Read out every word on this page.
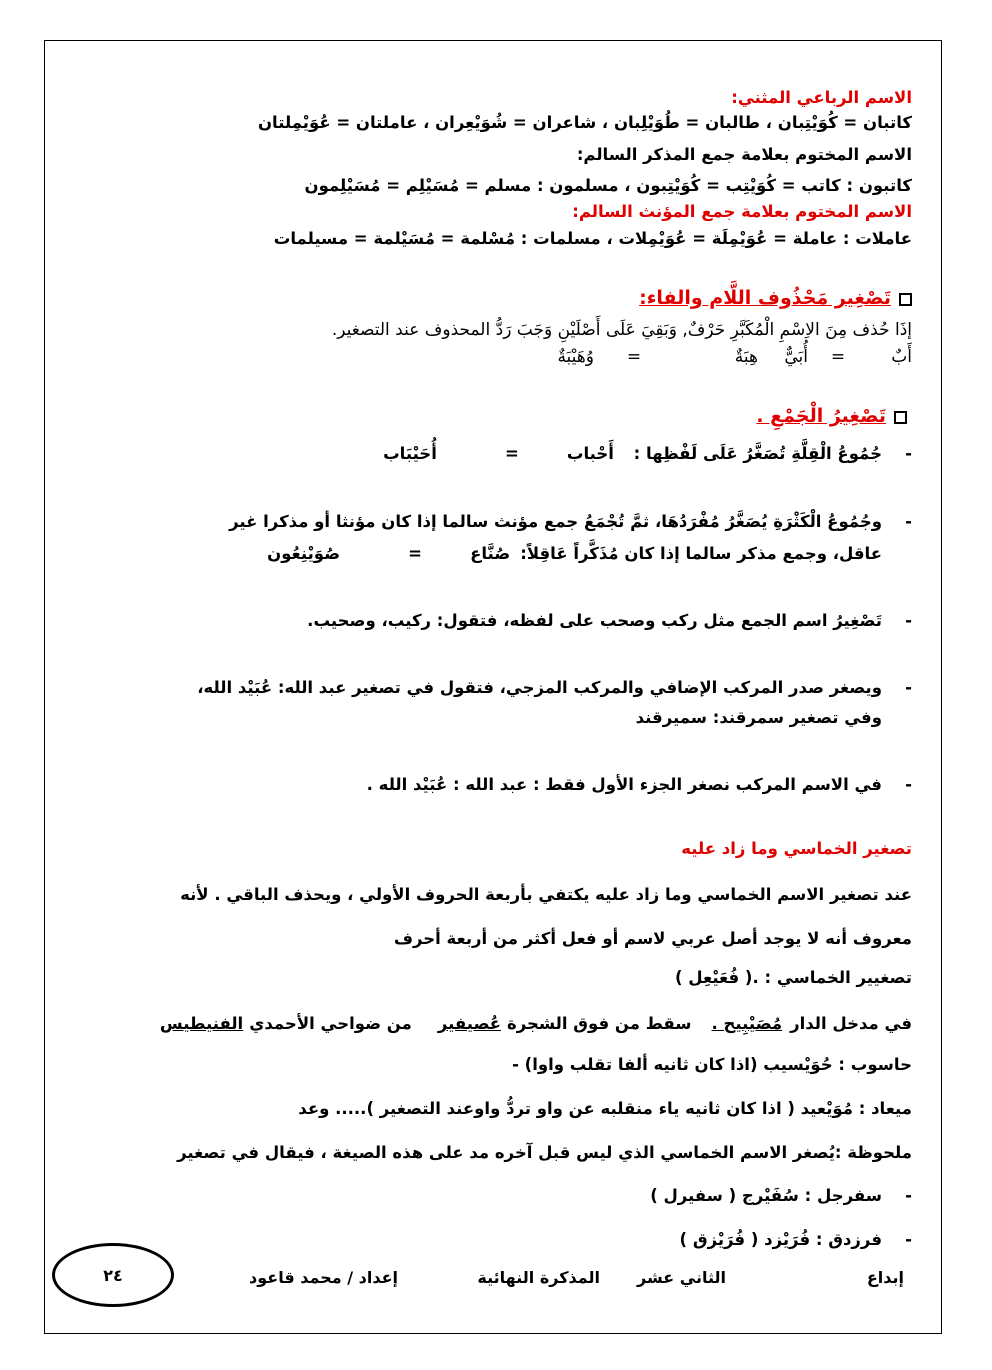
الاسم الرباعي المثني:
كاتبان = كُوَيْتِبان ، طالبان = طُوَيْلِبان ، شاعران = شُوَيْعِران ، عاملتان = عُوَيْمِلتان
الاسم المختوم بعلامة جمع المذكر السالم:
كاتبون : كاتب = كُوَيْتِب = كُوَيْتِبون ، مسلمون : مسلم = مُسَيْلِم = مُسَيْلِمون
الاسم المختوم بعلامة جمع المؤنث السالم:
عاملات : عاملة = عُوَيْمِلَة = عُوَيْمِلات ، مسلمات : مُسْلمة = مُسَيْلمة = مسيلمات
تَصْغِير مَحْذُوف اللَّام والفاء:
إذَا حُذف مِنَ الاِسْمِ الْمُكَبَّرِ حَرْفٌ, وَبَقِيَ عَلَى أَصْلَيْنِ وَجَبَ رَدُّ المحذوف عند التصغير.
أَبٌ=أُبَيٌّهِبَةٌ=وُهَيْبَةٌ
تَصْغِيرُ الْجَمْعِ .
-جُمُوعُ الْقِلَّةِ تُصَغَّرُ عَلَى لَفْظِها : أَحْباب=أُحَيْبَاب
-وجُمُوعُ الْكَثْرَةِ يُصَغَّرُ مُفْرَدُهَا، ثمَّ تُجْمَعُ جمع مؤنث سالما إذا كان مؤنثا أو مذكرا غير
عاقل، وجمع مذكر سالما إذا كان مُذَكَّراً عَاقِلاً:صُنَّاع=صُوَيْنِعُون
-تَصْغِيرُ اسم الجمع مثل ركب وصحب على لفظه، فتقول: ركيب، وصحيب.
-ويصغر صدر المركب الإضافي والمركب المزجي، فتقول في تصغير عبد الله: عُبَيْد الله،
وفي تصغير سمرقند: سميرقند
-في الاسم المركب نصغر الجزء الأول فقط : عبد الله : عُبَيْد الله .
تصغير الخماسي وما زاد عليه
عند تصغير الاسم الخماسي وما زاد عليه يكتفي بأربعة الحروف الأولي ، ويحذف الباقي . لأنه
معروف أنه لا يوجد أصل عربي لاسم أو فعل أكثر من أربعة أحرف
تصغيير الخماسي : .( فُعَيْعِل )
في مدخل الدارمُصَيْبِيح .سقط من فوق الشجرةعُصيفيرمن ضواحي الأحمديالفنيطيس
حاسوب : حُوَيْسيب (اذا كان ثانيه ألفا تقلب واوا) -
ميعاد : مُوَيْعيد ( اذا كان ثانيه ياء منقلبه عن واو تردُّ واوعند التصغير )..... وعد
ملحوظة :يُصغر الاسم الخماسي الذي ليس قبل آخره مد على هذه الصيغة ، فيقال في تصغير
-سفرجل : سُفَيْرج ( سفيرل )
-فرزدق : فُرَيْزد ( فُرَيْزق )
إبداع
الثاني عشر
المذكرة النهائية
إعداد / محمد قاعود
٢٤
